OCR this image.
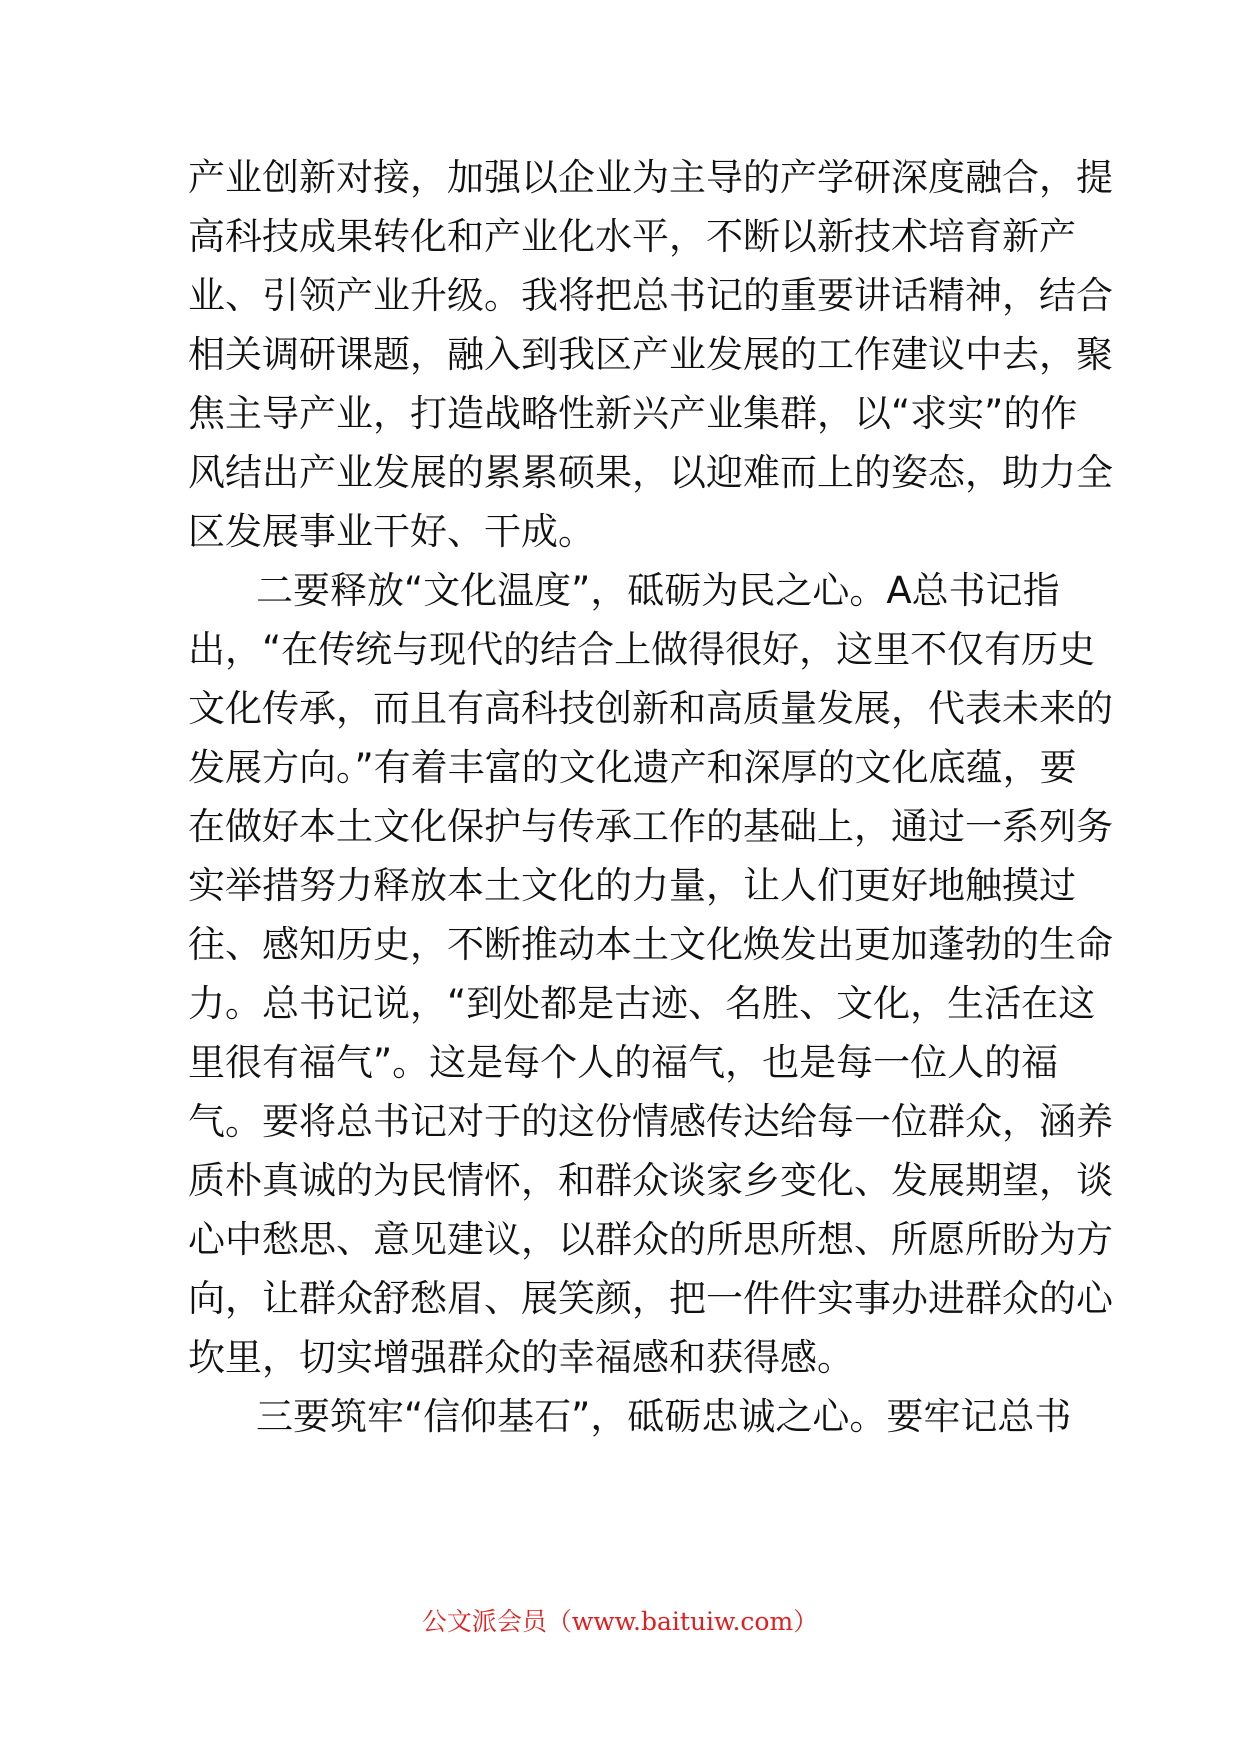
产业创新对接，加强以企业为主导的产学研深度融合，提
高科技成果转化和产业化水平，不断以新技术培育新产
业、引领产业升级。我将把总书记的重要讲话精神，结合
相关调研课题，融入到我区产业发展的工作建议中去，聚
焦主导产业，打造战略性新兴产业集群，以“求实”的作
风结出产业发展的累累硕果，以迎难而上的姿态，助力全
区发展事业干好、干成。
二要释放“文化温度”，砥砺为民之心。A总书记指
出，“在传统与现代的结合上做得很好，这里不仅有历史
文化传承，而且有高科技创新和高质量发展，代表未来的
发展方向。”有着丰富的文化遗产和深厚的文化底蕴，要
在做好本土文化保护与传承工作的基础上，通过一系列务
实举措努力释放本土文化的力量，让人们更好地触摸过
往、感知历史，不断推动本土文化焕发出更加蓬勃的生命
力。总书记说，“到处都是古迹、名胜、文化，生活在这
里很有福气”。这是每个人的福气，也是每一位人的福
气。要将总书记对于的这份情感传达给每一位群众，涵养
质朴真诚的为民情怀，和群众谈家乡变化、发展期望，谈
心中愁思、意见建议，以群众的所思所想、所愿所盼为方
向，让群众舒愁眉、展笑颜，把一件件实事办进群众的心
坎里，切实增强群众的幸福感和获得感。
三要筑牢“信仰基石”，砥砺忠诚之心。要牢记总书
公文派会员（www.baituiw.com）
